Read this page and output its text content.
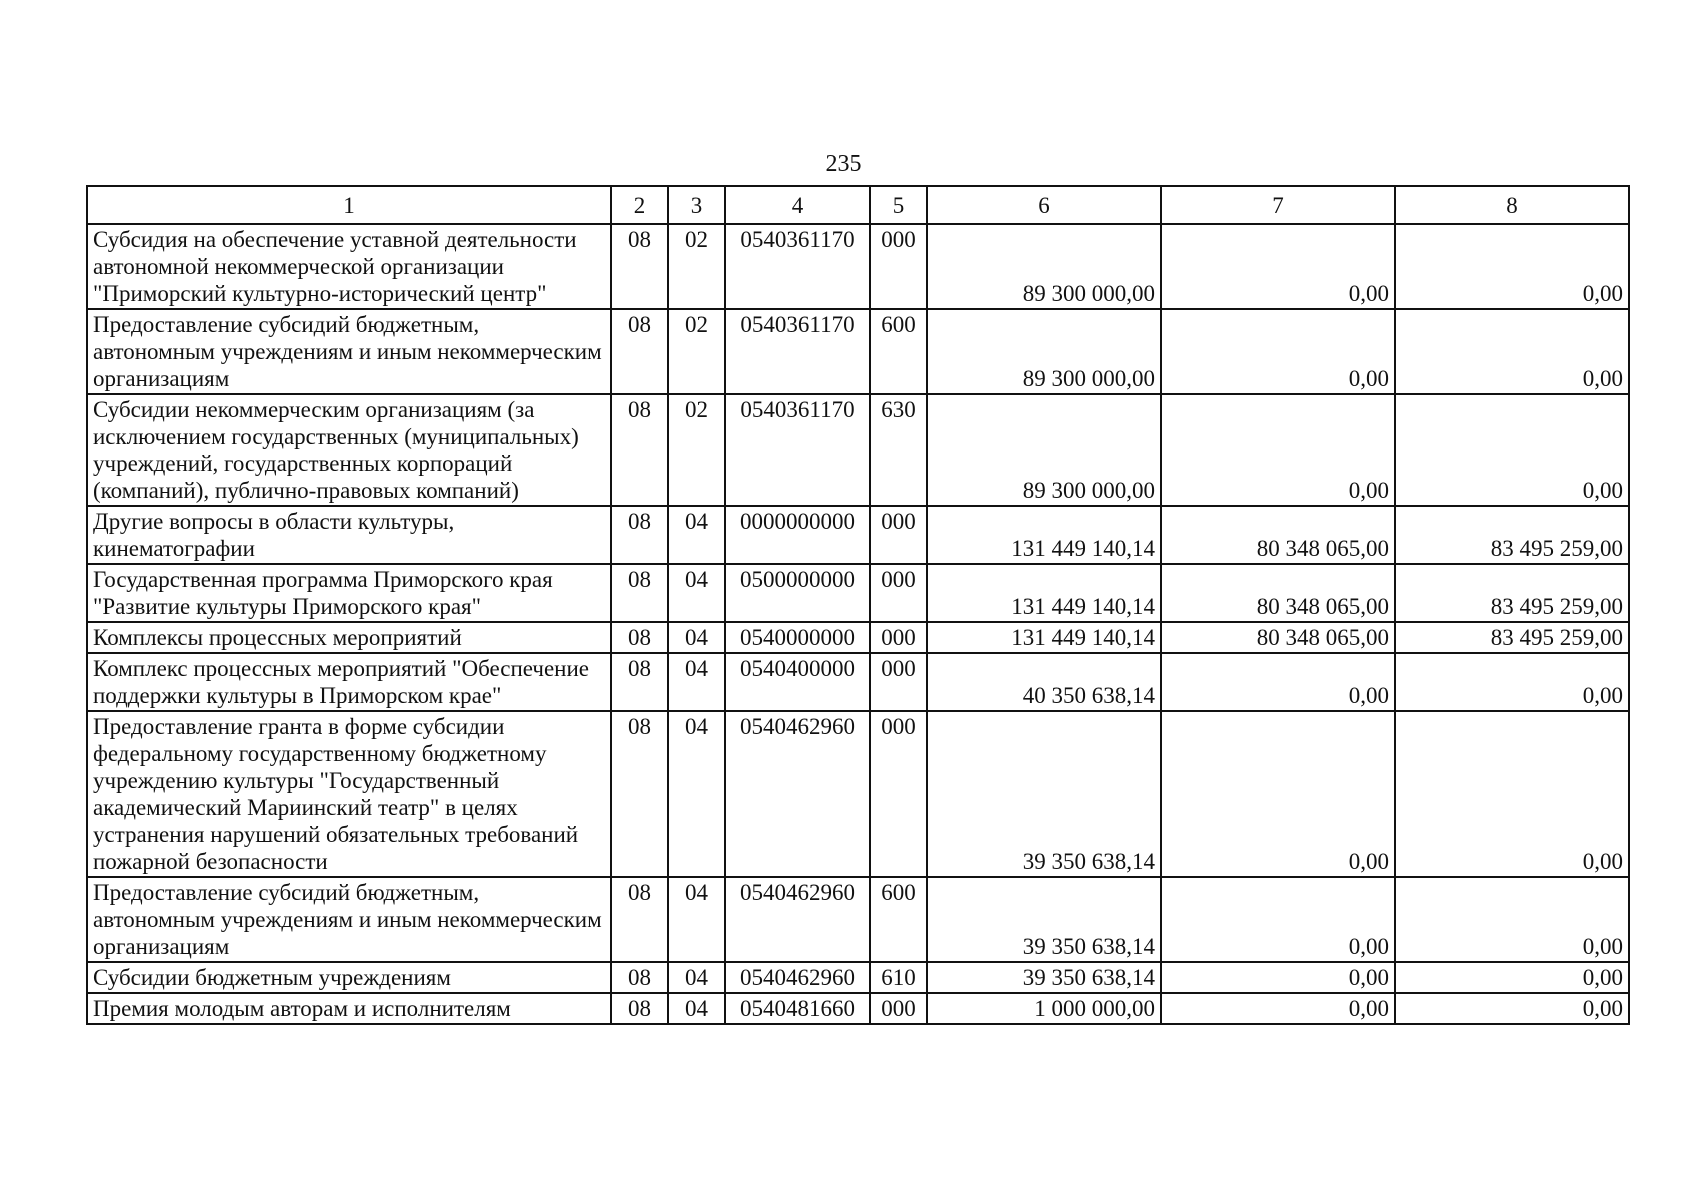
235
1	2	3	4	5	6	7	8
Субсидия на обеспечение уставной деятельности автономной некоммерческой организации "Приморский культурно-исторический центр"	08	02	0540361170	000	89 300 000,00	0,00	0,00
Предоставление субсидий бюджетным, автономным учреждениям и иным некоммерческим организациям	08	02	0540361170	600	89 300 000,00	0,00	0,00
Субсидии некоммерческим организациям (за исключением государственных (муниципальных) учреждений, государственных корпораций (компаний), публично-правовых компаний)	08	02	0540361170	630	89 300 000,00	0,00	0,00
Другие вопросы в области культуры, кинематографии	08	04	0000000000	000	131 449 140,14	80 348 065,00	83 495 259,00
Государственная программа Приморского края "Развитие культуры Приморского края"	08	04	0500000000	000	131 449 140,14	80 348 065,00	83 495 259,00
Комплексы процессных мероприятий	08	04	0540000000	000	131 449 140,14	80 348 065,00	83 495 259,00
Комплекс процессных мероприятий "Обеспечение поддержки культуры в Приморском крае"	08	04	0540400000	000	40 350 638,14	0,00	0,00
Предоставление гранта в форме субсидии федеральному государственному бюджетному учреждению культуры "Государственный академический Мариинский театр" в целях устранения нарушений обязательных требований пожарной безопасности	08	04	0540462960	000	39 350 638,14	0,00	0,00
Предоставление субсидий бюджетным, автономным учреждениям и иным некоммерческим организациям	08	04	0540462960	600	39 350 638,14	0,00	0,00
Субсидии бюджетным учреждениям	08	04	0540462960	610	39 350 638,14	0,00	0,00
Премия молодым авторам и исполнителям	08	04	0540481660	000	1 000 000,00	0,00	0,00
